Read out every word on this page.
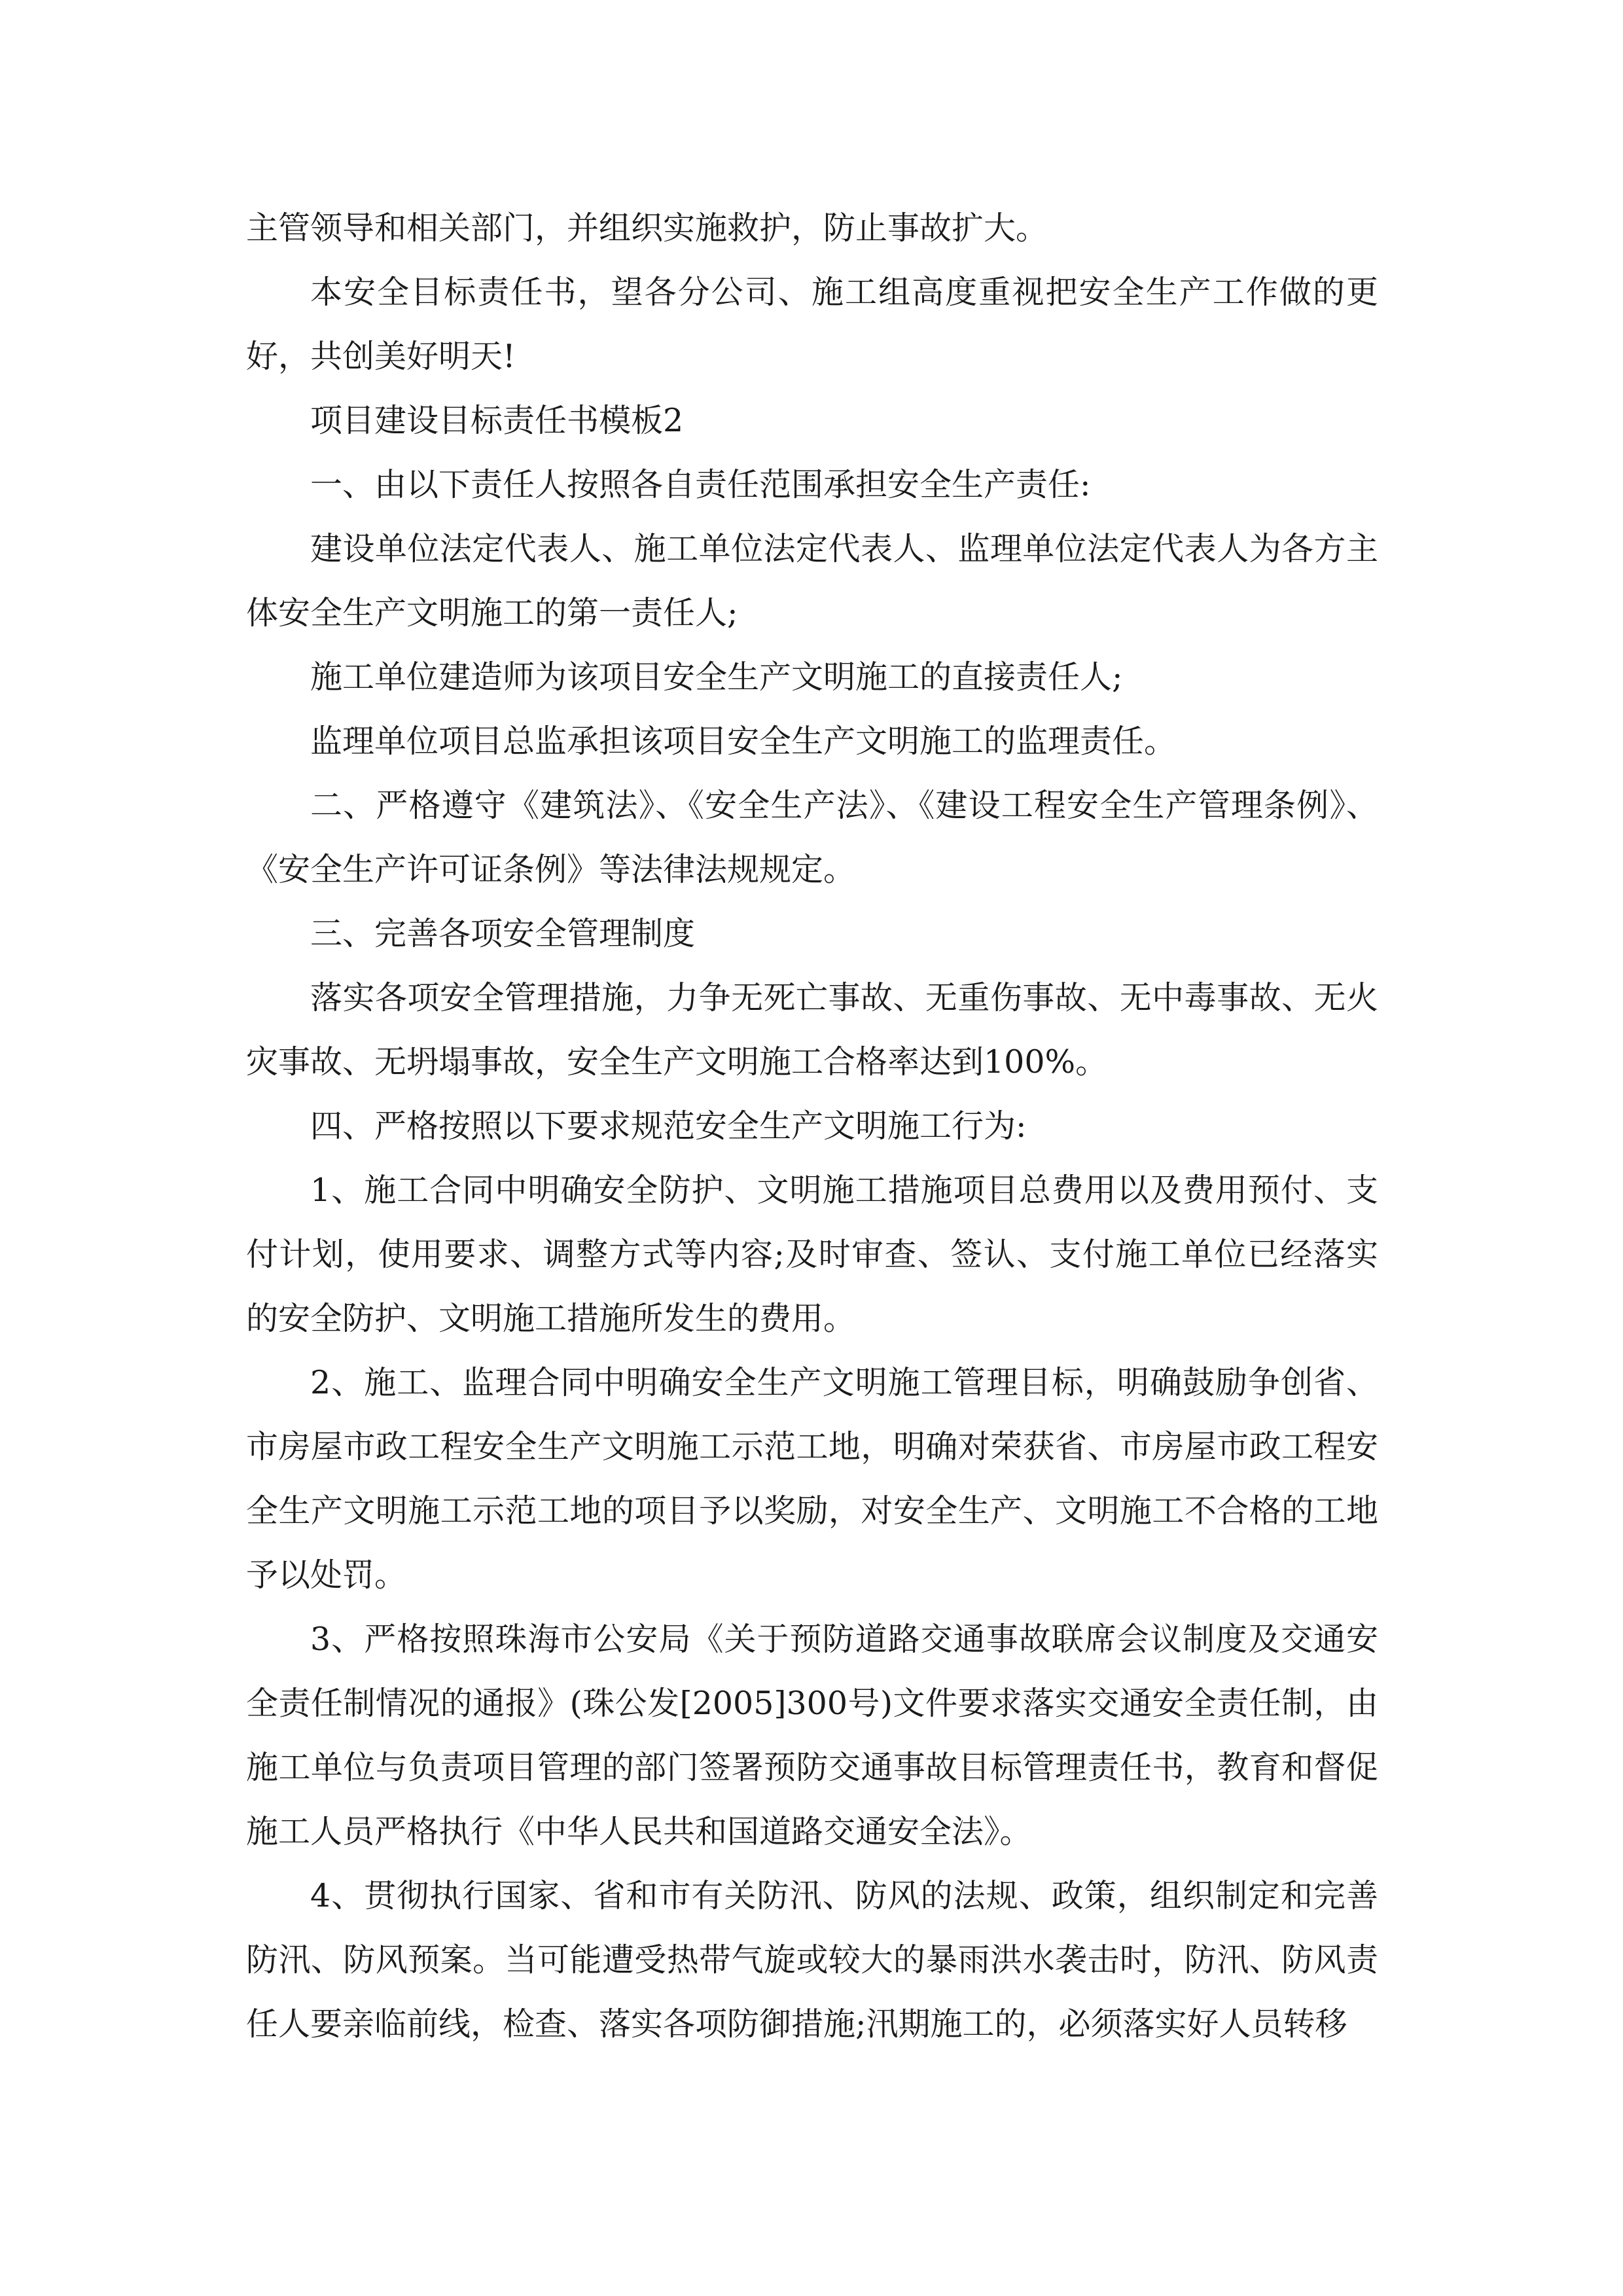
主管领导和相关部门，并组织实施救护，防止事故扩大。

本安全目标责任书，望各分公司、施工组高度重视把安全生产工作做的更好，共创美好明天!

项目建设目标责任书模板2

一、由以下责任人按照各自责任范围承担安全生产责任:

建设单位法定代表人、施工单位法定代表人、监理单位法定代表人为各方主体安全生产文明施工的第一责任人;

施工单位建造师为该项目安全生产文明施工的直接责任人;

监理单位项目总监承担该项目安全生产文明施工的监理责任。

二、严格遵守《建筑法》、《安全生产法》、《建设工程安全生产管理条例》、《安全生产许可证条例》等法律法规规定。

三、完善各项安全管理制度

落实各项安全管理措施，力争无死亡事故、无重伤事故、无中毒事故、无火灾事故、无坍塌事故，安全生产文明施工合格率达到100%。

四、严格按照以下要求规范安全生产文明施工行为:

1、施工合同中明确安全防护、文明施工措施项目总费用以及费用预付、支付计划，使用要求、调整方式等内容;及时审查、签认、支付施工单位已经落实的安全防护、文明施工措施所发生的费用。

2、施工、监理合同中明确安全生产文明施工管理目标，明确鼓励争创省、市房屋市政工程安全生产文明施工示范工地，明确对荣获省、市房屋市政工程安全生产文明施工示范工地的项目予以奖励，对安全生产、文明施工不合格的工地予以处罚。

3、严格按照珠海市公安局《关于预防道路交通事故联席会议制度及交通安全责任制情况的通报》(珠公发[2005]300号)文件要求落实交通安全责任制，由施工单位与负责项目管理的部门签署预防交通事故目标管理责任书，教育和督促施工人员严格执行《中华人民共和国道路交通安全法》。

4、贯彻执行国家、省和市有关防汛、防风的法规、政策，组织制定和完善防汛、防风预案。当可能遭受热带气旋或较大的暴雨洪水袭击时，防汛、防风责任人要亲临前线，检查、落实各项防御措施;汛期施工的，必须落实好人员转移
